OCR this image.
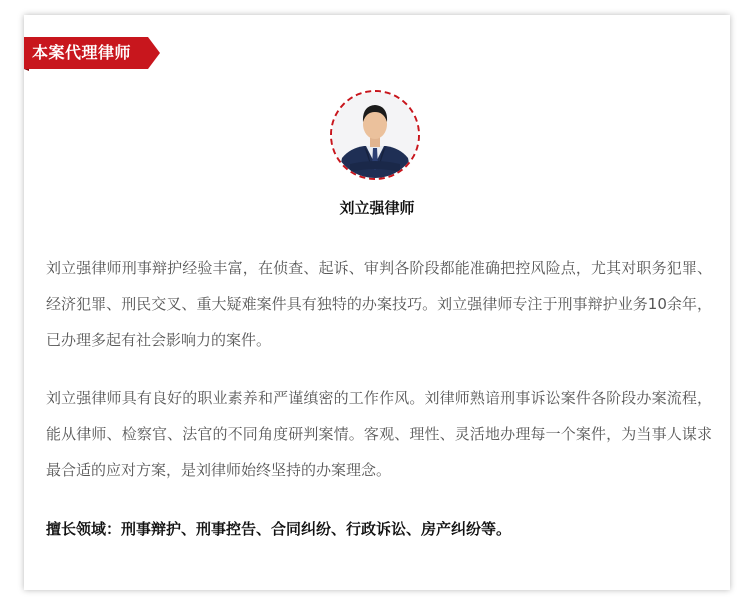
本案代理律师
刘立强律师

刘立强律师刑事辩护经验丰富，在侦查、起诉、审判各阶段都能准确把控风险点，尤其对职务犯罪、经济犯罪、刑民交叉、重大疑难案件具有独特的办案技巧。刘立强律师专注于刑事辩护业务10余年，已办理多起有社会影响力的案件。

刘立强律师具有良好的职业素养和严谨缜密的工作作风。刘律师熟谙刑事诉讼案件各阶段办案流程，能从律师、检察官、法官的不同角度研判案情。客观、理性、灵活地办理每一个案件，为当事人谋求最合适的应对方案，是刘律师始终坚持的办案理念。

擅长领域：刑事辩护、刑事控告、合同纠纷、行政诉讼、房产纠纷等。
